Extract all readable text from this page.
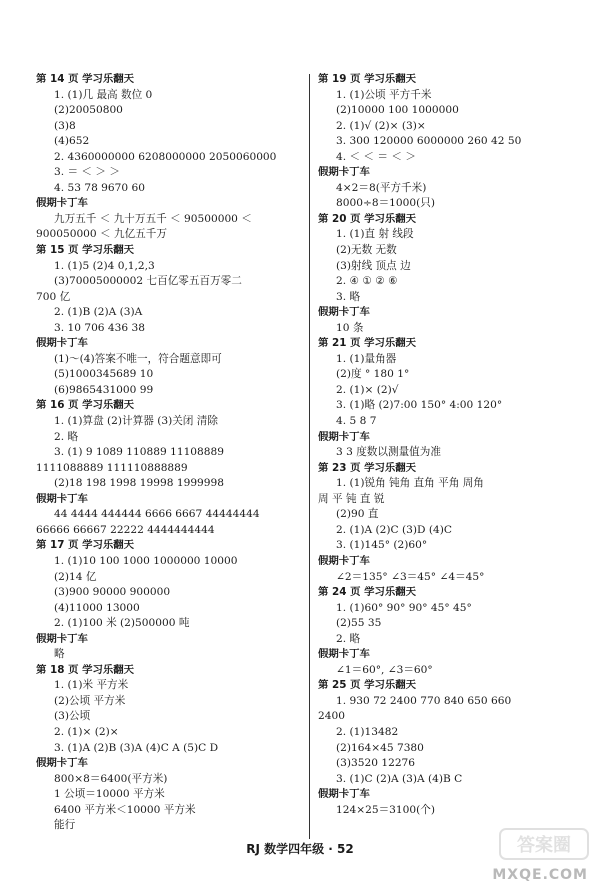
第 14 页 学习乐翻天
1. (1)几 最高 数位 0
(2)20050800
(3)8
(4)652
2. 4360000000 6208000000 2050060000
3. ＝ ＜ ＞ ＞
4. 53 78 9670 60
假期卡丁车
九万五千 ＜ 九十万五千 ＜ 90500000 ＜
900050000 ＜ 九亿五千万
第 15 页 学习乐翻天
1. (1)5 (2)4 0,1,2,3
(3)70005000002 七百亿零五百万零二
700 亿
2. (1)B (2)A (3)A
3. 10 706 436 38
假期卡丁车
(1)～(4)答案不唯一，符合题意即可
(5)1000345689 10
(6)9865431000 99
第 16 页 学习乐翻天
1. (1)算盘 (2)计算器 (3)关闭 清除
2. 略
3. (1) 9 1089 110889 11108889
1111088889 111110888889
(2)18 198 1998 19998 1999998
假期卡丁车
44 4444 444444 6666 6667 44444444
66666 66667 22222 4444444444
第 17 页 学习乐翻天
1. (1)10 100 1000 1000000 10000
(2)14 亿
(3)900 90000 900000
(4)11000 13000
2. (1)100 米 (2)500000 吨
假期卡丁车
略
第 18 页 学习乐翻天
1. (1)米 平方米
(2)公顷 平方米
(3)公顷
2. (1)× (2)×
3. (1)A (2)B (3)A (4)C A (5)C D
假期卡丁车
800×8＝6400(平方米)
1 公顷＝10000 平方米
6400 平方米＜10000 平方米
能行
第 19 页 学习乐翻天
1. (1)公顷 平方千米
(2)10000 100 1000000
2. (1)√ (2)× (3)×
3. 300 120000 6000000 260 42 50
4. ＜ ＜ ＝ ＜ ＞
假期卡丁车
4×2＝8(平方千米)
8000÷8＝1000(只)
第 20 页 学习乐翻天
1. (1)直 射 线段
(2)无数 无数
(3)射线 顶点 边
2. ④ ① ② ⑥
3. 略
假期卡丁车
10 条
第 21 页 学习乐翻天
1. (1)量角器
(2)度 ° 180 1°
2. (1)× (2)√
3. (1)略 (2)7:00 150° 4:00 120°
4. 5 8 7
假期卡丁车
3 3 度数以测量值为准
第 23 页 学习乐翻天
1. (1)锐角 钝角 直角 平角 周角
周 平 钝 直 锐
(2)90 直
2. (1)A (2)C (3)D (4)C
3. (1)145° (2)60°
假期卡丁车
∠2＝135° ∠3＝45° ∠4＝45°
第 24 页 学习乐翻天
1. (1)60° 90° 90° 45° 45°
(2)55 35
2. 略
假期卡丁车
∠1＝60°, ∠3＝60°
第 25 页 学习乐翻天
1. 930 72 2400 770 840 650 660
2400
2. (1)13482
(2)164×45 7380
(3)3520 12276
3. (1)C (2)A (3)A (4)B C
假期卡丁车
124×25＝3100(个)
RJ 数学四年级 · 52	答案圈
MXQE.COM
